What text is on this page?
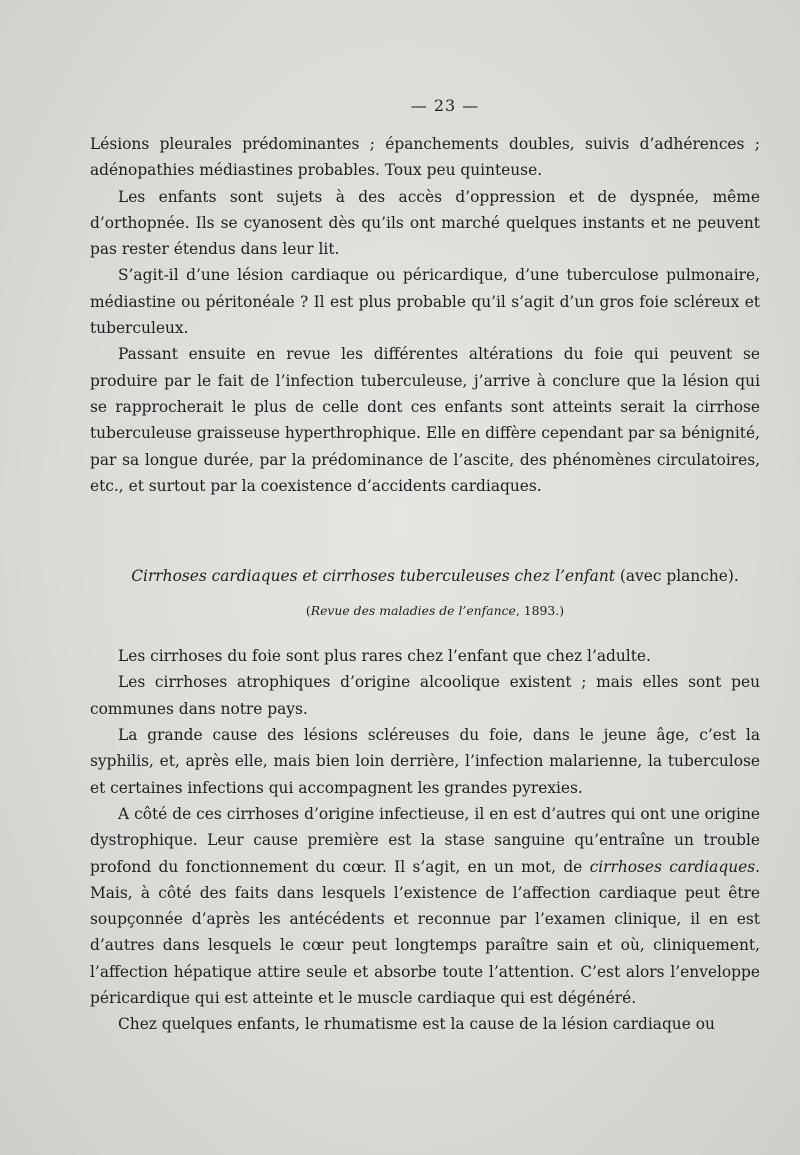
— 23 —

Lésions pleurales prédominantes ; épanchements doubles, suivis d’adhérences ; adénopathies médiastines probables. Toux peu quinteuse.

Les enfants sont sujets à des accès d’oppression et de dyspnée, même d’orthopnée. Ils se cyanosent dès qu’ils ont marché quelques instants et ne peuvent pas rester étendus dans leur lit.

S’agit-il d’une lésion cardiaque ou péricardique, d’une tuberculose pulmonaire, médiastine ou péritonéale ? Il est plus probable qu’il s’agit d’un gros foie scléreux et tuberculeux.

Passant ensuite en revue les différentes altérations du foie qui peuvent se produire par le fait de l’infection tuberculeuse, j’arrive à conclure que la lésion qui se rapprocherait le plus de celle dont ces enfants sont atteints serait la cirrhose tuberculeuse graisseuse hyperthrophique. Elle en diffère cependant par sa bénignité, par sa longue durée, par la prédominance de l’ascite, des phénomènes circulatoires, etc., et surtout par la coexistence d’accidents cardiaques.

Cirrhoses cardiaques et cirrhoses tuberculeuses chez l’enfant (avec planche).
(Revue des maladies de l’enfance, 1893.)

Les cirrhoses du foie sont plus rares chez l’enfant que chez l’adulte.

Les cirrhoses atrophiques d’origine alcoolique existent ; mais elles sont peu communes dans notre pays.

La grande cause des lésions scléreuses du foie, dans le jeune âge, c’est la syphilis, et, après elle, mais bien loin derrière, l’infection malarienne, la tuberculose et certaines infections qui accompagnent les grandes pyrexies.

A côté de ces cirrhoses d’origine infectieuse, il en est d’autres qui ont une origine dystrophique. Leur cause première est la stase sanguine qu’entraîne un trouble profond du fonctionnement du cœur. Il s’agit, en un mot, de cirrhoses cardiaques. Mais, à côté des faits dans lesquels l’existence de l’affection cardiaque peut être soupçonnée d’après les antécédents et reconnue par l’examen clinique, il en est d’autres dans lesquels le cœur peut longtemps paraître sain et où, cliniquement, l’affection hépatique attire seule et absorbe toute l’attention. C’est alors l’enveloppe péricardique qui est atteinte et le muscle cardiaque qui est dégénéré.

Chez quelques enfants, le rhumatisme est la cause de la lésion cardiaque ou
